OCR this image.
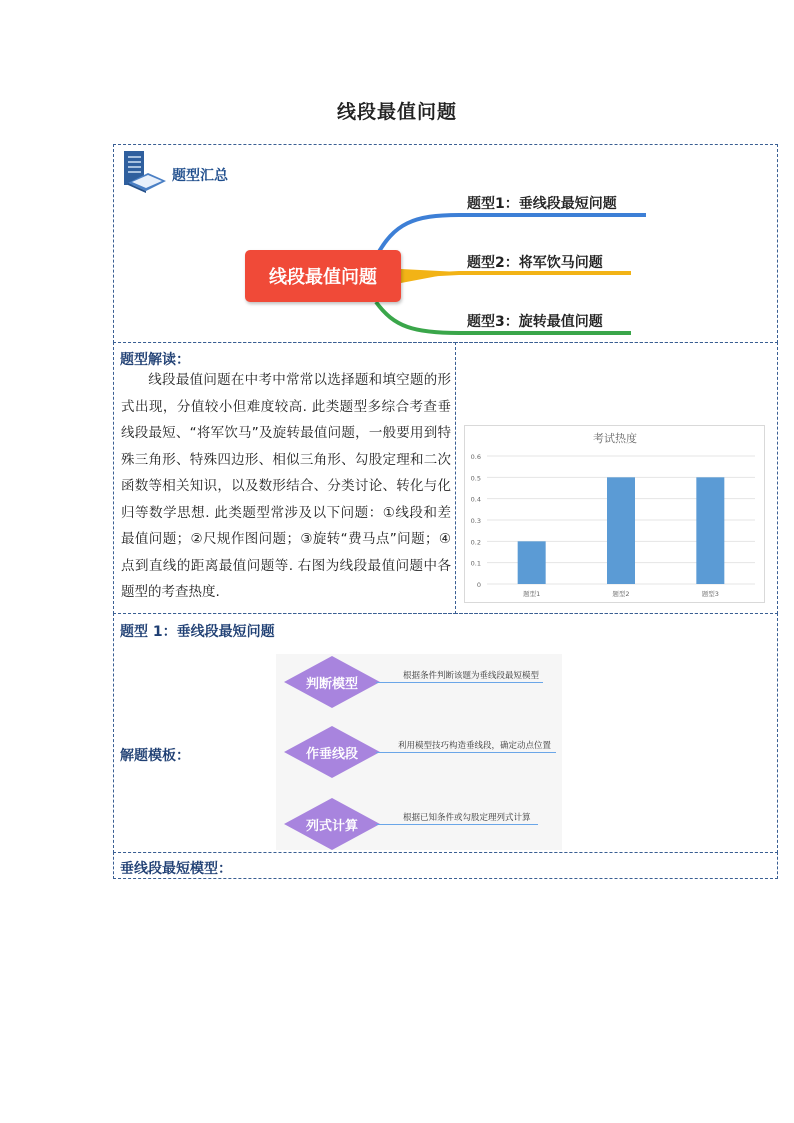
线段最值问题
题型汇总
线段最值问题
题型1：垂线段最短问题
题型2：将军饮马问题
题型3：旋转最值问题
题型解读：
线段最值问题在中考中常常以选择题和填空题的形式出现，分值较小但难度较高. 此类题型多综合考查垂线段最短、“将军饮马”及旋转最值问题，一般要用到特殊三角形、特殊四边形、相似三角形、勾股定理和二次函数等相关知识，以及数形结合、分类讨论、转化与化归等数学思想. 此类题型常涉及以下问题：①线段和差最值问题；②尺规作图问题；③旋转“费马点”问题；④点到直线的距离最值问题等. 右图为线段最值问题中各题型的考查热度.
考试热度
0
0.1
0.2
0.3
0.4
0.5
0.6
题型1	题型2	题型3
题型 1：垂线段最短问题
解题模板：
判断模型
根据条件判断该题为垂线段最短模型
作垂线段
利用模型技巧构造垂线段，确定动点位置
列式计算
根据已知条件或勾股定理列式计算
垂线段最短模型：
